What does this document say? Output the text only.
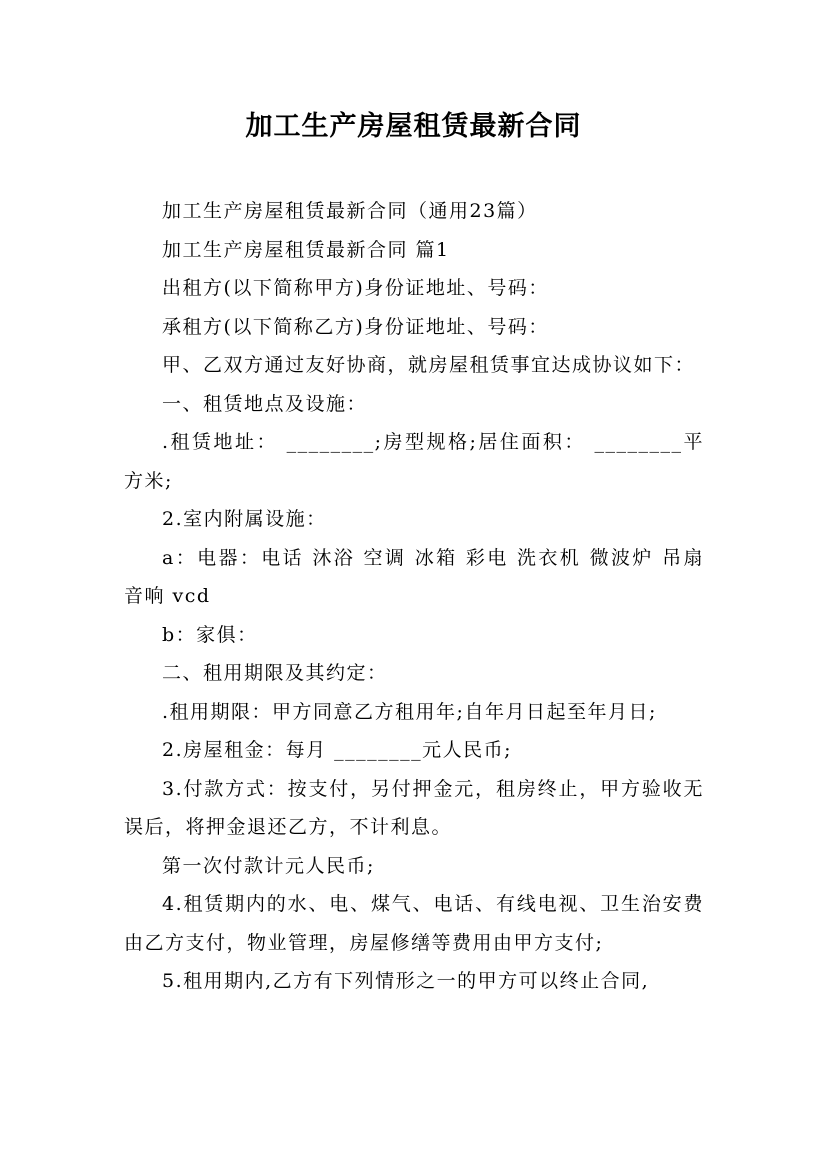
加工生产房屋租赁最新合同

加工生产房屋租赁最新合同（通用23篇）

加工生产房屋租赁最新合同 篇1

出租方(以下简称甲方)身份证地址、号码：

承租方(以下简称乙方)身份证地址、号码：

甲、乙双方通过友好协商，就房屋租赁事宜达成协议如下：

一、租赁地点及设施：

.租赁地址： ________;房型规格;居住面积： ________平方米;

2.室内附属设施：

a：电器：电话 沐浴 空调 冰箱 彩电 洗衣机 微波炉 吊扇 音响 vcd

b：家俱：

二、租用期限及其约定：

.租用期限：甲方同意乙方租用年;自年月日起至年月日;

2.房屋租金：每月 ________元人民币;

3.付款方式：按支付，另付押金元，租房终止，甲方验收无误后，将押金退还乙方，不计利息。

第一次付款计元人民币;

4.租赁期内的水、电、煤气、电话、有线电视、卫生治安费由乙方支付，物业管理，房屋修缮等费用由甲方支付;

5.租用期内,乙方有下列情形之一的甲方可以终止合同,
